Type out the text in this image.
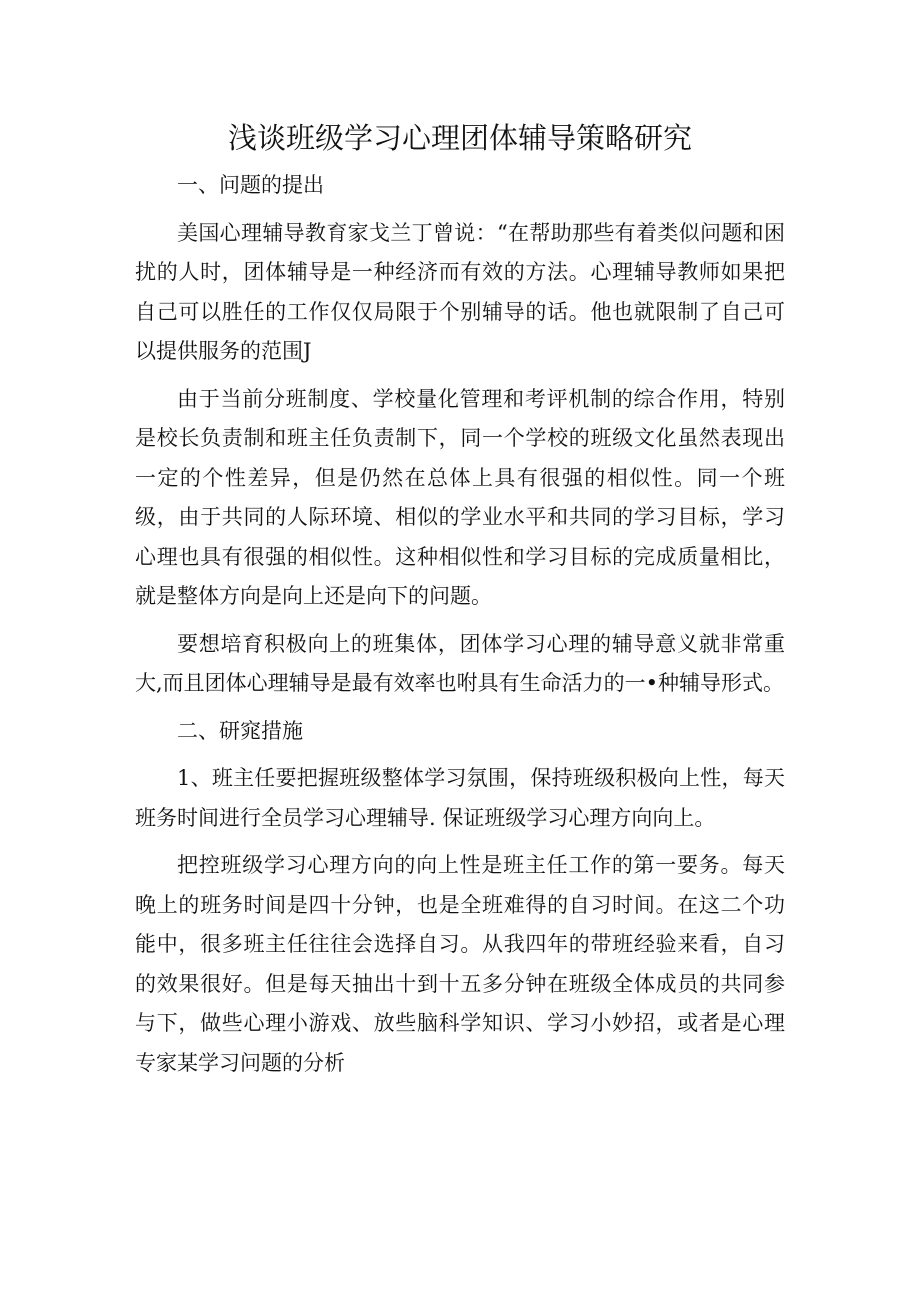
浅谈班级学习心理团体辅导策略研究

一、问题的提出

美国心理辅导教育家戈兰丁曾说：“在帮助那些有着类似问题和困扰的人时，团体辅导是一种经济而有效的方法。心理辅导教师如果把自己可以胜任的工作仅仅局限于个别辅导的话。他也就限制了自己可以提供服务的范围J

由于当前分班制度、学校量化管理和考评机制的综合作用，特别是校长负责制和班主任负责制下，同一个学校的班级文化虽然表现出一定的个性差异，但是仍然在总体上具有很强的相似性。同一个班级，由于共同的人际环境、相似的学业水平和共同的学习目标，学习心理也具有很强的相似性。这种相似性和学习目标的完成质量相比，就是整体方向是向上还是向下的问题。

要想培育积极向上的班集体，团体学习心理的辅导意义就非常重大,而且团体心理辅导是最有效率也咐具有生命活力的一•种辅导形式。

二、研窕措施

1、班主任要把握班级整体学习氛围，保持班级积极向上性，每天班务时间进行全员学习心理辅导. 保证班级学习心理方向向上。

把控班级学习心理方向的向上性是班主任工作的第一要务。每天晚上的班务时间是四十分钟，也是全班难得的自习时间。在这二个功能中，很多班主任往往会选择自习。从我四年的带班经验来看，自习的效果很好。但是每天抽出十到十五多分钟在班级全体成员的共同参与下，做些心理小游戏、放些脑科学知识、学习小妙招，或者是心理专家某学习问题的分析
